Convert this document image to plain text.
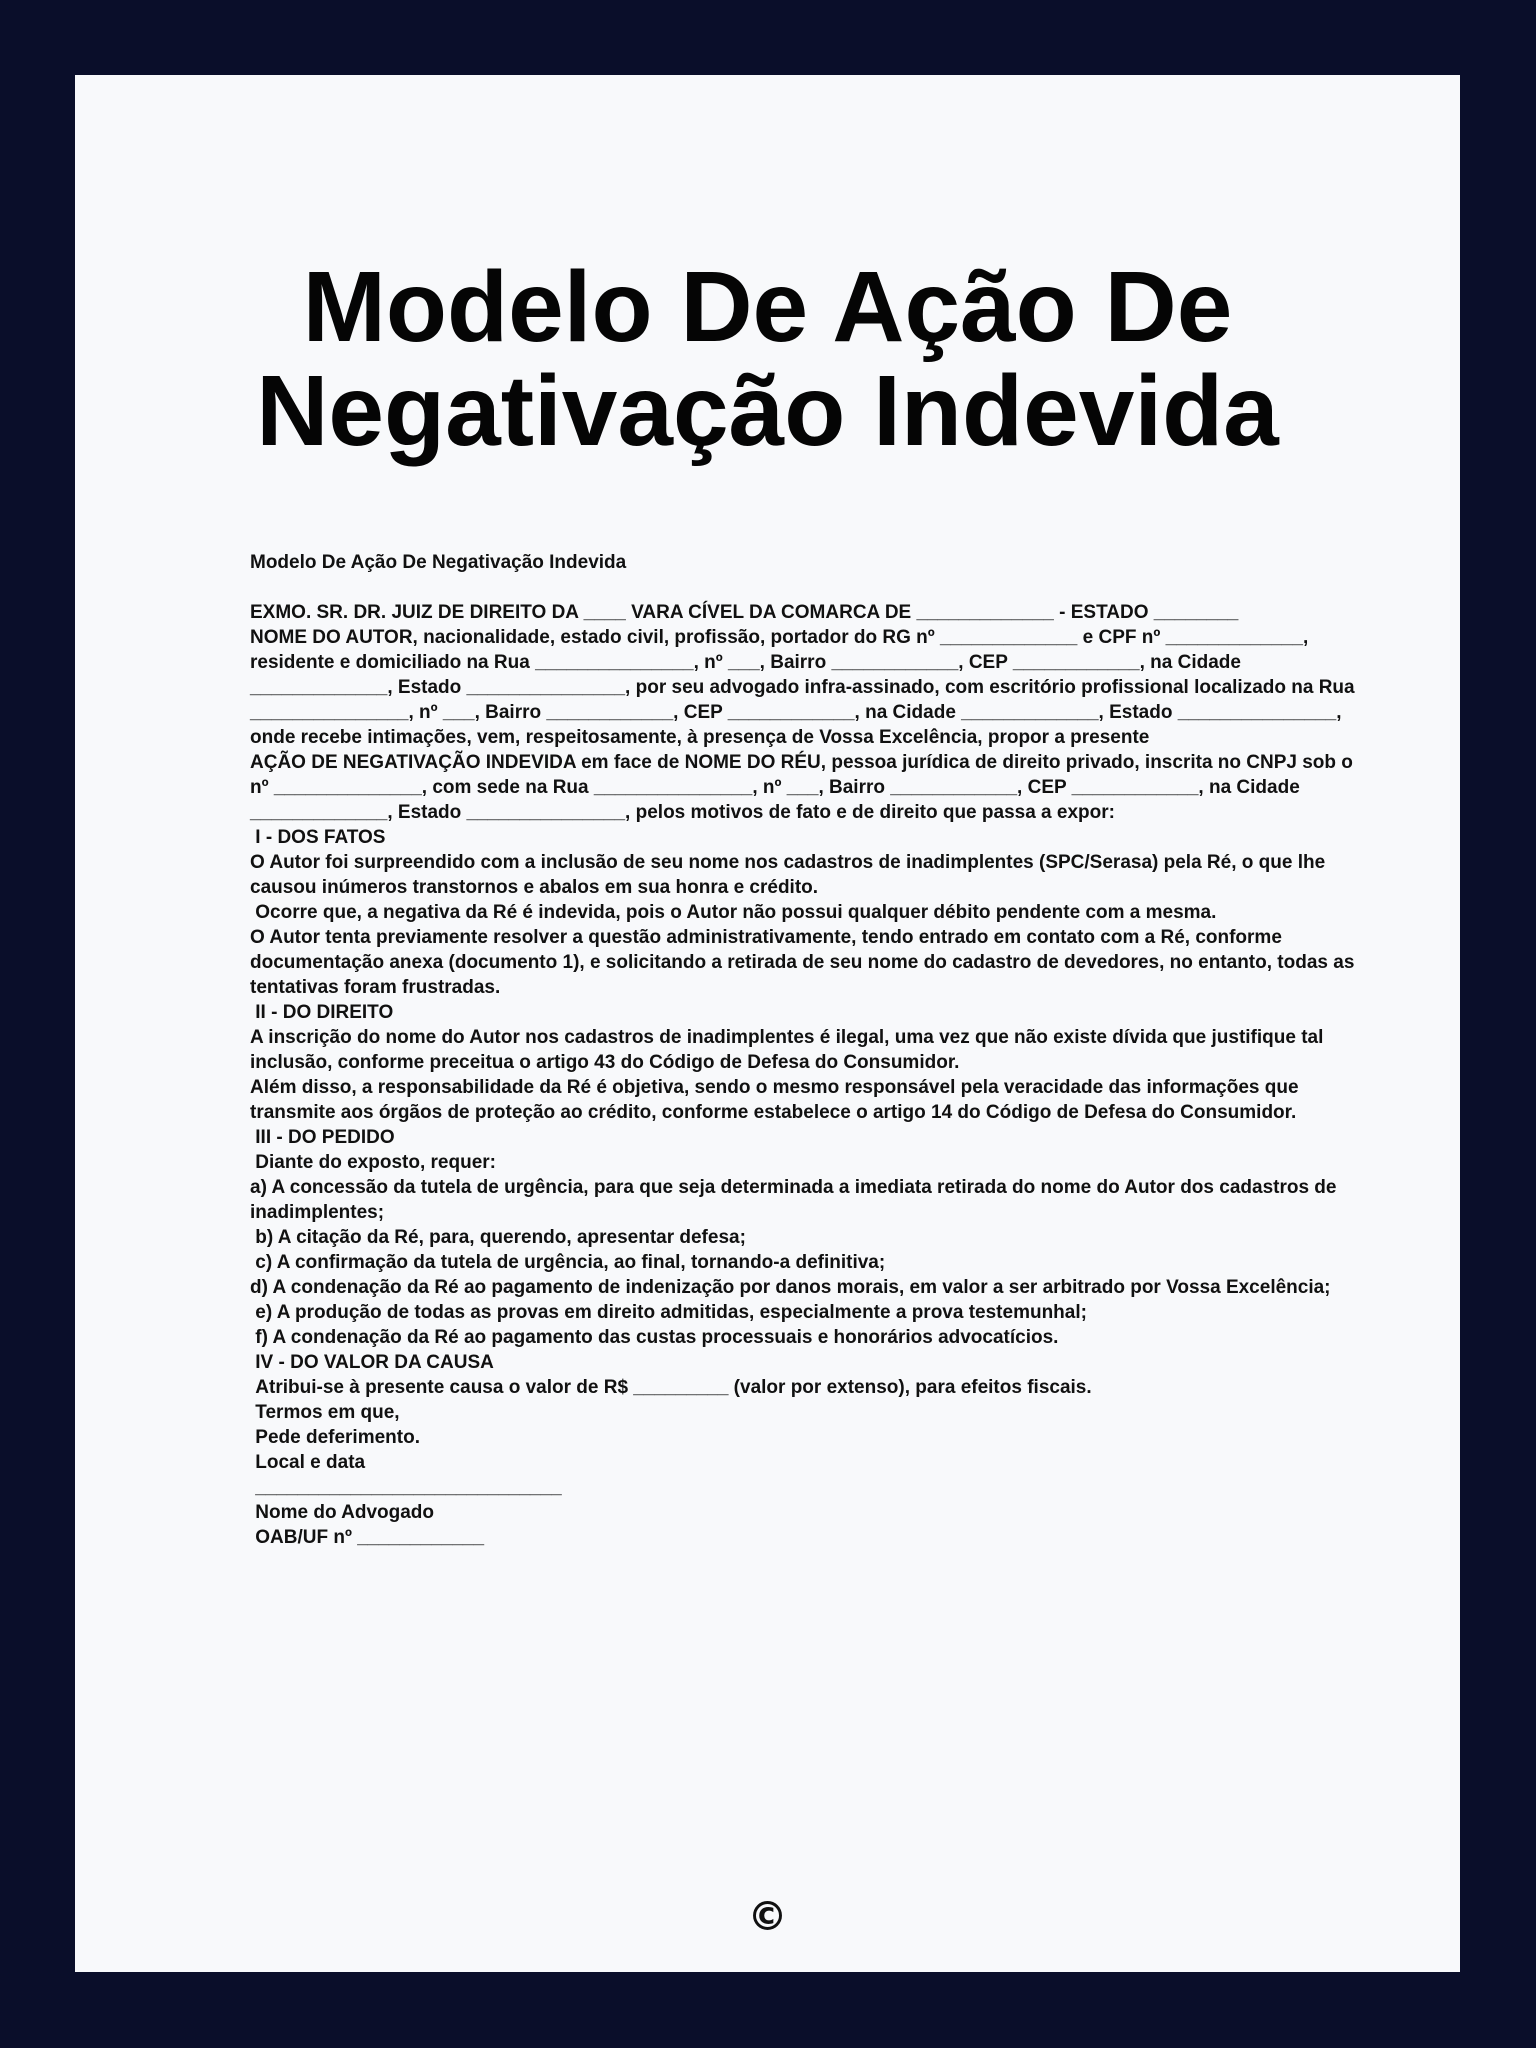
Modelo De Ação De
Negativação Indevida

Modelo De Ação De Negativação Indevida

EXMO. SR. DR. JUIZ DE DIREITO DA ____ VARA CÍVEL DA COMARCA DE _____________ - ESTADO ________

NOME DO AUTOR, nacionalidade, estado civil, profissão, portador do RG nº _____________ e CPF nº _____________, residente e domiciliado na Rua _______________, nº ___, Bairro ____________, CEP ____________, na Cidade _____________, Estado _______________, por seu advogado infra-assinado, com escritório profissional localizado na Rua _______________, nº ___, Bairro ____________, CEP ____________, na Cidade _____________, Estado _______________, onde recebe intimações, vem, respeitosamente, à presença de Vossa Excelência, propor a presente

AÇÃO DE NEGATIVAÇÃO INDEVIDA em face de NOME DO RÉU, pessoa jurídica de direito privado, inscrita no CNPJ sob o nº ______________, com sede na Rua _______________, nº ___, Bairro ____________, CEP ____________, na Cidade _____________, Estado _______________, pelos motivos de fato e de direito que passa a expor:

I - DOS FATOS

O Autor foi surpreendido com a inclusão de seu nome nos cadastros de inadimplentes (SPC/Serasa) pela Ré, o que lhe causou inúmeros transtornos e abalos em sua honra e crédito.

Ocorre que, a negativa da Ré é indevida, pois o Autor não possui qualquer débito pendente com a mesma.

O Autor tenta previamente resolver a questão administrativamente, tendo entrado em contato com a Ré, conforme documentação anexa (documento 1), e solicitando a retirada de seu nome do cadastro de devedores, no entanto, todas as tentativas foram frustradas.

II - DO DIREITO

A inscrição do nome do Autor nos cadastros de inadimplentes é ilegal, uma vez que não existe dívida que justifique tal inclusão, conforme preceitua o artigo 43 do Código de Defesa do Consumidor.

Além disso, a responsabilidade da Ré é objetiva, sendo o mesmo responsável pela veracidade das informações que transmite aos órgãos de proteção ao crédito, conforme estabelece o artigo 14 do Código de Defesa do Consumidor.

III - DO PEDIDO

Diante do exposto, requer:

a) A concessão da tutela de urgência, para que seja determinada a imediata retirada do nome do Autor dos cadastros de inadimplentes;

b) A citação da Ré, para, querendo, apresentar defesa;

c) A confirmação da tutela de urgência, ao final, tornando-a definitiva;

d) A condenação da Ré ao pagamento de indenização por danos morais, em valor a ser arbitrado por Vossa Excelência;

e) A produção de todas as provas em direito admitidas, especialmente a prova testemunhal;

f) A condenação da Ré ao pagamento das custas processuais e honorários advocatícios.

IV - DO VALOR DA CAUSA

Atribui-se à presente causa o valor de R$ _________ (valor por extenso), para efeitos fiscais.

Termos em que,

Pede deferimento.

Local e data

_____________________________

Nome do Advogado

OAB/UF nº ____________

©
